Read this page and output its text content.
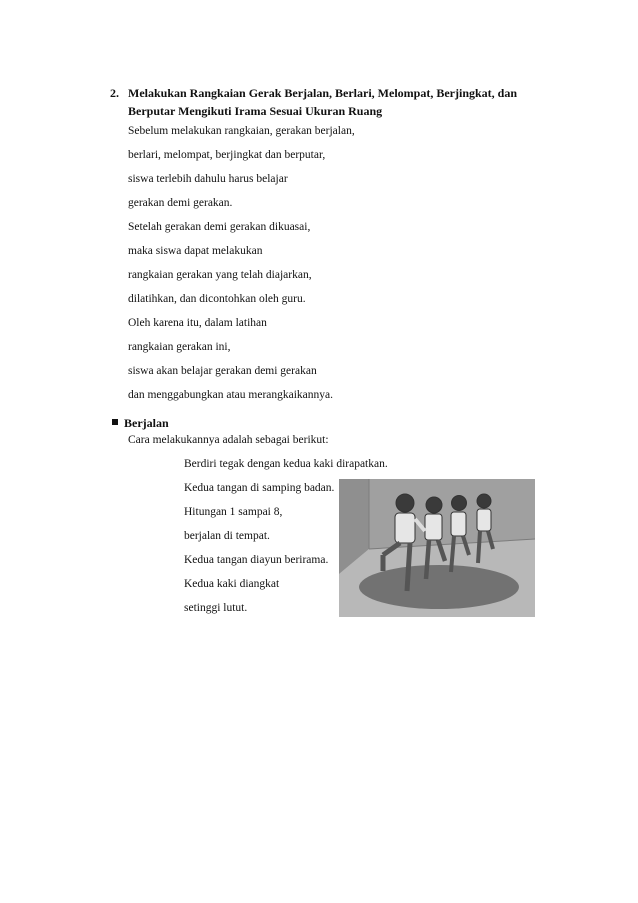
2. Melakukan Rangkaian Gerak Berjalan, Berlari, Melompat, Berjingkat, dan
Berputar Mengikuti Irama Sesuai Ukuran Ruang
Sebelum melakukan rangkaian, gerakan berjalan,
berlari, melompat, berjingkat dan berputar,
siswa terlebih dahulu harus belajar
gerakan demi gerakan.
Setelah gerakan demi gerakan dikuasai,
maka siswa dapat melakukan
rangkaian gerakan yang telah diajarkan,
dilatihkan, dan dicontohkan oleh guru.
Oleh karena itu, dalam latihan
rangkaian gerakan ini,
siswa akan belajar gerakan demi gerakan
dan menggabungkan atau merangkaikannya.
Berjalan
Cara melakukannya adalah sebagai berikut:
Berdiri tegak dengan kedua kaki dirapatkan.
Kedua tangan di samping badan.
Hitungan 1 sampai 8,
berjalan di tempat.
Kedua tangan diayun berirama.
Kedua kaki diangkat
setinggi lutut.
